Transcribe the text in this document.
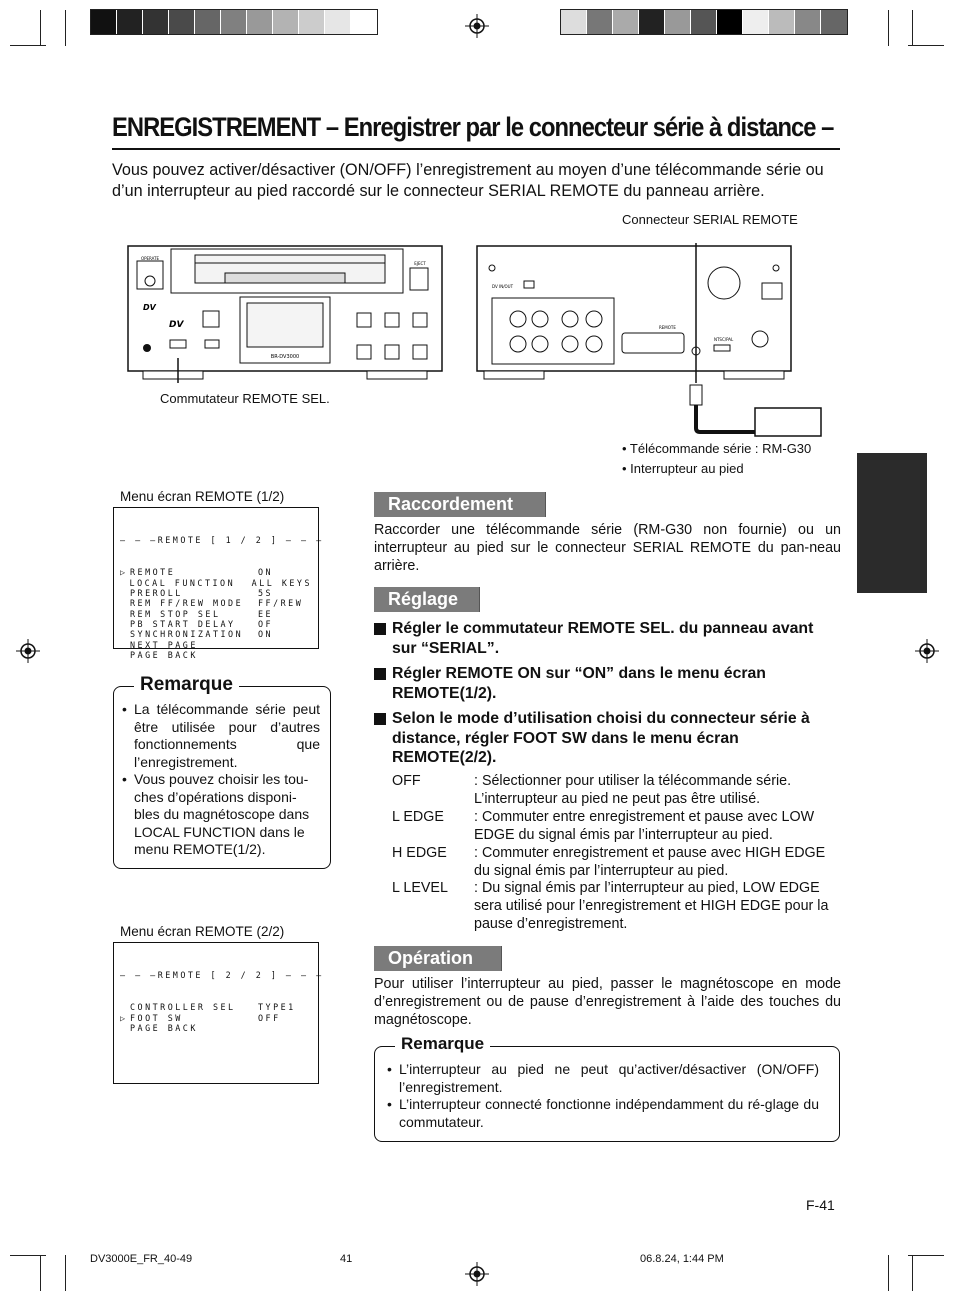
ENREGISTREMENT – Enregistrer par le connecteur série à distance –

Vous pouvez activer/désactiver (ON/OFF) l’enregistrement au moyen d’une télécommande série ou d’un interrupteur au pied raccordé sur le connecteur SERIAL REMOTE du panneau arrière.

Connecteur SERIAL REMOTE
BR-DV3000
OPERATE
DV
DV
EJECT
Commutateur REMOTE SEL.
DV IN/OUT
REMOTE
NTSC/PAL
• Télécommande série : RM-G30
• Interrupteur au pied
Menu écran REMOTE (1/2)

– – –REMOTE [ 1 / 2 ] – – –

▷ REMOTE	ON
LOCAL FUNCTION	ALL KEYS
PREROLL	5S
REM FF/REW MODE	FF/REW
REM STOP SEL	EE
PB START DELAY	OF
SYNCHRONIZATION	ON
NEXT PAGE
PAGE BACK

Remarque
• La télécommande série peut être utilisée pour d’autres fonctionnements que l’enregistrement.
• Vous pouvez choisir les tou-ches d’opérations disponi-bles du magnétoscope dans LOCAL FUNCTION dans le menu REMOTE(1/2).
Menu écran REMOTE (2/2)

– – –REMOTE [ 2 / 2 ] – – –

CONTROLLER SEL	TYPE1
▷ FOOT SW	OFF
PAGE BACK

Raccordement

Raccorder une télécommande série (RM-G30 non fournie) ou un interrupteur au pied sur le connecteur SERIAL REMOTE du pan-neau arrière.

Réglage
Régler le commutateur REMOTE SEL. du panneau avant sur “SERIAL”.
Régler REMOTE ON sur “ON” dans le menu écran REMOTE(1/2).
Selon le mode d’utilisation choisi du connecteur série à distance, régler FOOT SW dans le menu écran REMOTE(2/2).
OFF	: Sélectionner pour utiliser la télécommande série. L’interrupteur au pied ne peut pas être utilisé.
L EDGE	: Commuter entre enregistrement et pause avec LOW EDGE du signal émis par l’interrupteur au pied.
H EDGE	: Commuter enregistrement et pause avec HIGH EDGE du signal émis par l’interrupteur au pied.
L LEVEL	: Du signal émis par l’interrupteur au pied, LOW EDGE sera utilisé pour l’enregistrement et HIGH EDGE pour la pause d’enregistrement.
Opération

Pour utiliser l’interrupteur au pied, passer le magnétoscope en mode d’enregistrement ou de pause d’enregistrement à l’aide des touches du magnétoscope.

Remarque
• L’interrupteur au pied ne peut qu’activer/désactiver (ON/OFF) l’enregistrement.
• L’interrupteur connecté fonctionne indépendamment du ré-glage du commutateur.
F-41
DV3000E_FR_40-49	41	06.8.24, 1:44 PM
